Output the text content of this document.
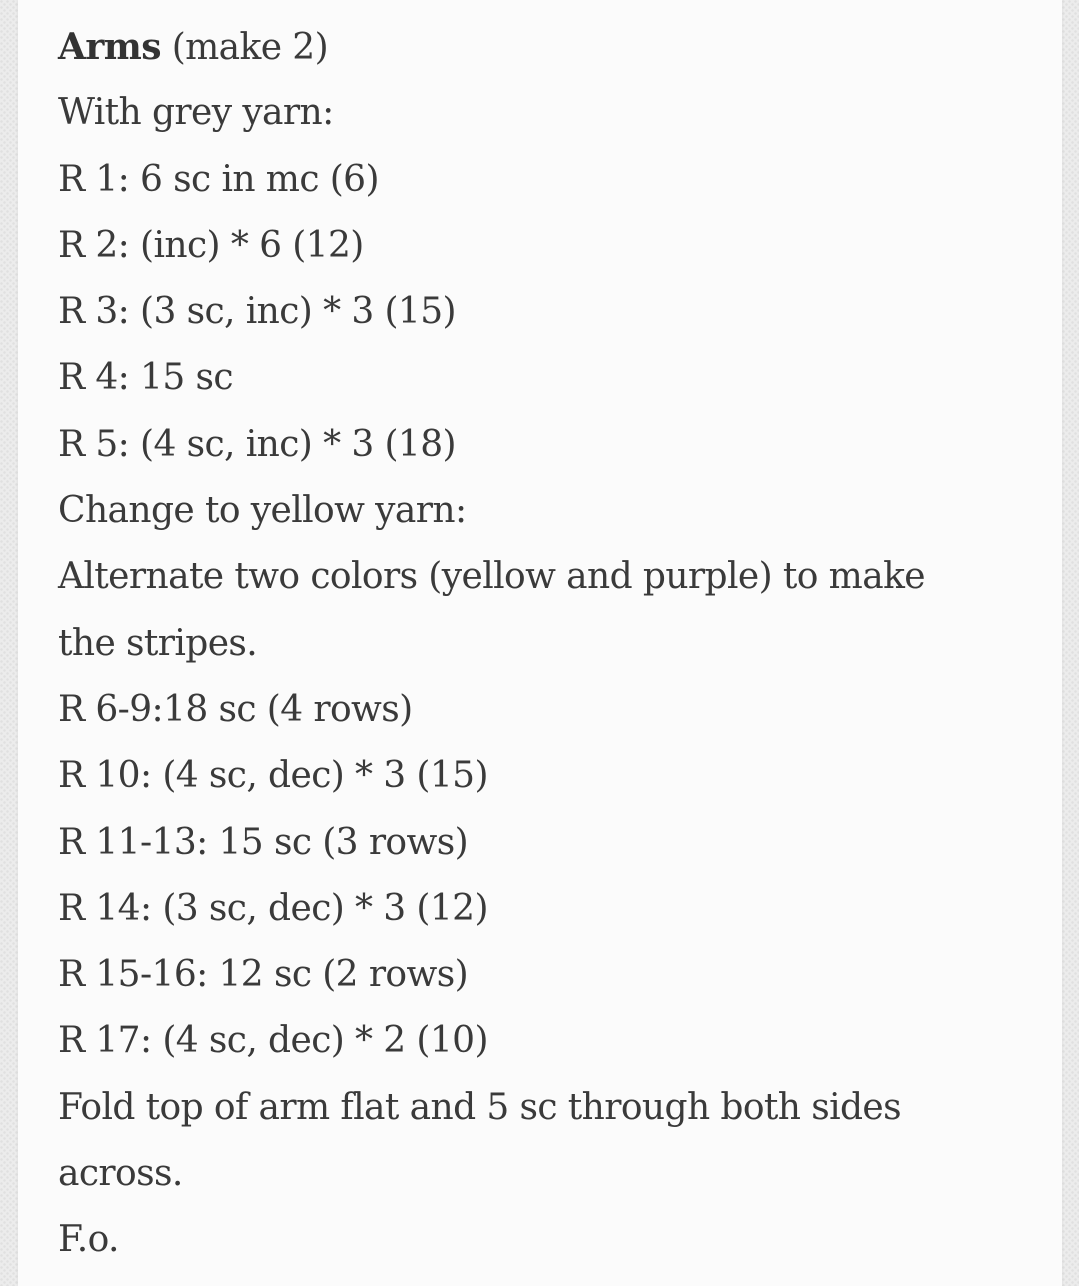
Arms (make 2)
With grey yarn:
R 1: 6 sc in mc (6)
R 2: (inc) * 6 (12)
R 3: (3 sc, inc) * 3 (15)
R 4: 15 sc
R 5: (4 sc, inc) * 3 (18)
Change to yellow yarn:
Alternate two colors (yellow and purple) to make
the stripes.
R 6-9:18 sc (4 rows)
R 10: (4 sc, dec) * 3 (15)
R 11-13: 15 sc (3 rows)
R 14: (3 sc, dec) * 3 (12)
R 15-16: 12 sc (2 rows)
R 17: (4 sc, dec) * 2 (10)
Fold top of arm flat and 5 sc through both sides
across.
F.o.
